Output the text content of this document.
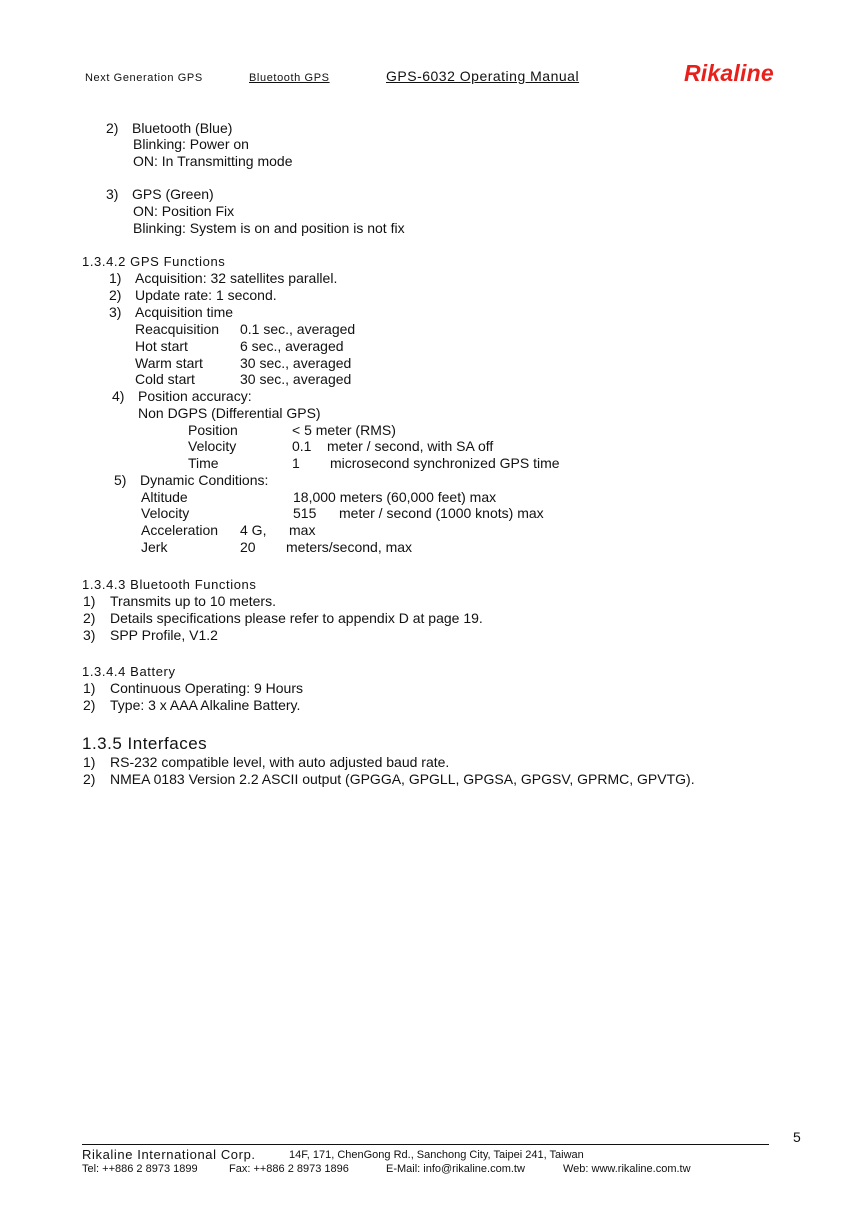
Next Generation GPS	Bluetooth GPS	GPS-6032 Operating Manual	Rikaline
2) Bluetooth (Blue)
Blinking: Power on
ON: In Transmitting mode
3) GPS (Green)
ON: Position Fix
Blinking: System is on and position is not fix
1.3.4.2 GPS Functions
1) Acquisition: 32 satellites parallel.
2) Update rate: 1 second.
3) Acquisition time
Reacquisition 0.1 sec., averaged
Hot start	6 sec., averaged
Warm start	30 sec., averaged
Cold start	30 sec., averaged
4) Position accuracy:
Non DGPS (Differential GPS)
Position	< 5 meter (RMS)
Velocity	0.1 meter / second, with SA off
Time	1 microsecond synchronized GPS time
5) Dynamic Conditions:
Altitude	18,000 meters (60,000 feet) max
Velocity	515 meter / second (1000 knots) max
Acceleration 4 G, max
Jerk	20 meters/second, max
1.3.4.3 Bluetooth Functions
1) Transmits up to 10 meters.
2) Details specifications please refer to appendix D at page 19.
3) SPP Profile, V1.2
1.3.4.4 Battery
1) Continuous Operating: 9 Hours
2) Type: 3 x AAA Alkaline Battery.
1.3.5 Interfaces
1) RS-232 compatible level, with auto adjusted baud rate.
2) NMEA 0183 Version 2.2 ASCII output (GPGGA, GPGLL, GPGSA, GPGSV, GPRMC, GPVTG).
5
Rikaline International Corp.	14F, 171, ChenGong Rd., Sanchong City, Taipei 241, Taiwan
Tel: ++886 2 8973 1899	Fax: ++886 2 8973 1896	E-Mail: info@rikaline.com.tw	Web: www.rikaline.com.tw
